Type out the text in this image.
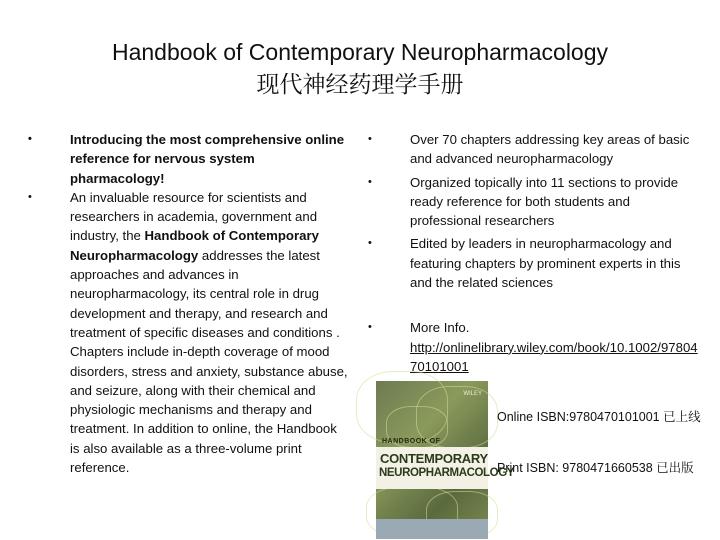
Handbook of Contemporary Neuropharmacology
现代神经药理学手册
•	Introducing the most comprehensive online reference for nervous system pharmacology!
•	An invaluable resource for scientists and researchers in academia, government and industry, the Handbook of Contemporary Neuropharmacology addresses the latest approaches and advances in neuropharmacology, its central role in drug development and therapy, and research and treatment of specific diseases and conditions . Chapters include in-depth coverage of mood disorders, stress and anxiety, substance abuse, and seizure, along with their chemical and physiologic mechanisms and therapy and treatment. In addition to online, the Handbook is also available as a three-volume print reference.
•	Over 70 chapters addressing key areas of basic and advanced neuropharmacology
•	Organized topically into 11 sections to provide ready reference for both students and professional researchers
•	Edited by leaders in neuropharmacology and featuring chapters by prominent experts in this and the related sciences
•	More Info.
http://onlinelibrary.wiley.com/book/10.1002/9780470101001
WILEY
HANDBOOK OF
CONTEMPORARY
NEUROPHARMACOLOGY
Online ISBN:9780470101001 已上线
Print ISBN: 9780471660538 已出版
